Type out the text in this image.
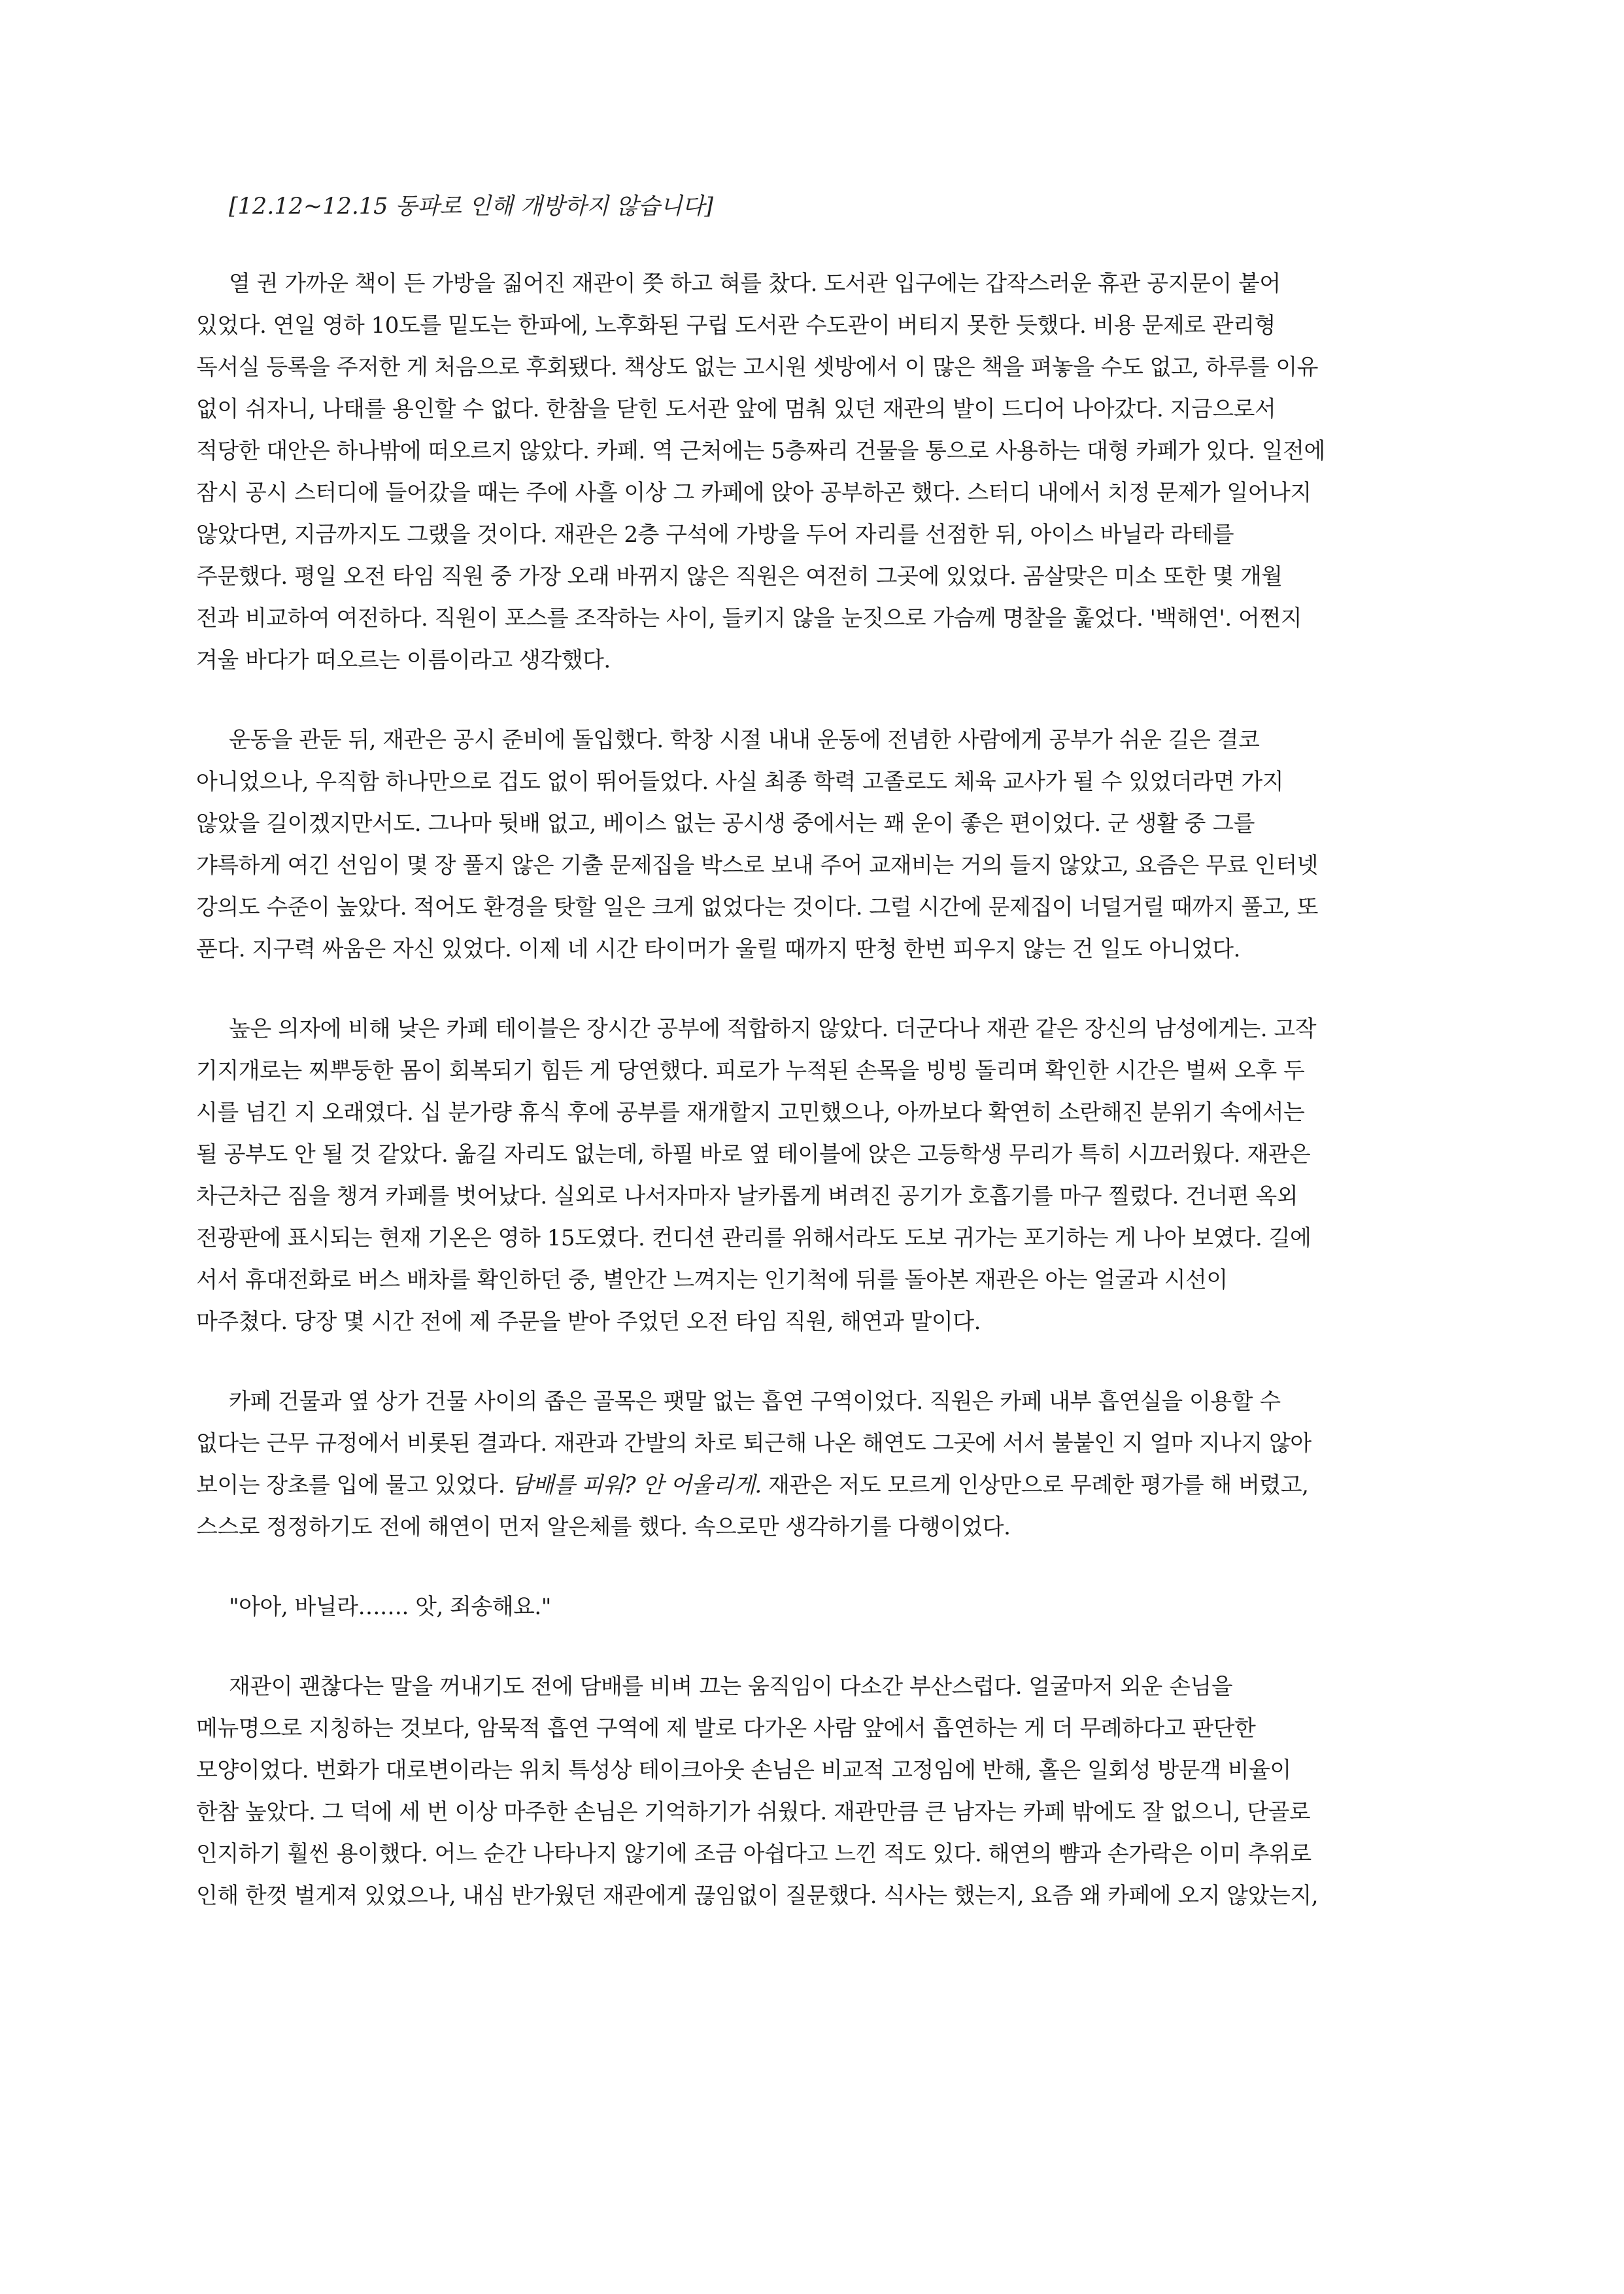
[12.12~12.15 동파로 인해 개방하지 않습니다]
열 권 가까운 책이 든 가방을 짊어진 재관이 쯧 하고 혀를 찼다. 도서관 입구에는 갑작스러운 휴관 공지문이 붙어
있었다. 연일 영하 10도를 밑도는 한파에, 노후화된 구립 도서관 수도관이 버티지 못한 듯했다. 비용 문제로 관리형
독서실 등록을 주저한 게 처음으로 후회됐다. 책상도 없는 고시원 셋방에서 이 많은 책을 펴놓을 수도 없고, 하루를 이유
없이 쉬자니, 나태를 용인할 수 없다. 한참을 닫힌 도서관 앞에 멈춰 있던 재관의 발이 드디어 나아갔다. 지금으로서
적당한 대안은 하나밖에 떠오르지 않았다. 카페. 역 근처에는 5층짜리 건물을 통으로 사용하는 대형 카페가 있다. 일전에
잠시 공시 스터디에 들어갔을 때는 주에 사흘 이상 그 카페에 앉아 공부하곤 했다. 스터디 내에서 치정 문제가 일어나지
않았다면, 지금까지도 그랬을 것이다. 재관은 2층 구석에 가방을 두어 자리를 선점한 뒤, 아이스 바닐라 라테를
주문했다. 평일 오전 타임 직원 중 가장 오래 바뀌지 않은 직원은 여전히 그곳에 있었다. 곰살맞은 미소 또한 몇 개월
전과 비교하여 여전하다. 직원이 포스를 조작하는 사이, 들키지 않을 눈짓으로 가슴께 명찰을 훑었다. '백해연'. 어쩐지
겨울 바다가 떠오르는 이름이라고 생각했다.
운동을 관둔 뒤, 재관은 공시 준비에 돌입했다. 학창 시절 내내 운동에 전념한 사람에게 공부가 쉬운 길은 결코
아니었으나, 우직함 하나만으로 겁도 없이 뛰어들었다. 사실 최종 학력 고졸로도 체육 교사가 될 수 있었더라면 가지
않았을 길이겠지만서도. 그나마 뒷배 없고, 베이스 없는 공시생 중에서는 꽤 운이 좋은 편이었다. 군 생활 중 그를
갸륵하게 여긴 선임이 몇 장 풀지 않은 기출 문제집을 박스로 보내 주어 교재비는 거의 들지 않았고, 요즘은 무료 인터넷
강의도 수준이 높았다. 적어도 환경을 탓할 일은 크게 없었다는 것이다. 그럴 시간에 문제집이 너덜거릴 때까지 풀고, 또
푼다. 지구력 싸움은 자신 있었다. 이제 네 시간 타이머가 울릴 때까지 딴청 한번 피우지 않는 건 일도 아니었다.
높은 의자에 비해 낮은 카페 테이블은 장시간 공부에 적합하지 않았다. 더군다나 재관 같은 장신의 남성에게는. 고작
기지개로는 찌뿌둥한 몸이 회복되기 힘든 게 당연했다. 피로가 누적된 손목을 빙빙 돌리며 확인한 시간은 벌써 오후 두
시를 넘긴 지 오래였다. 십 분가량 휴식 후에 공부를 재개할지 고민했으나, 아까보다 확연히 소란해진 분위기 속에서는
될 공부도 안 될 것 같았다. 옮길 자리도 없는데, 하필 바로 옆 테이블에 앉은 고등학생 무리가 특히 시끄러웠다. 재관은
차근차근 짐을 챙겨 카페를 벗어났다. 실외로 나서자마자 날카롭게 벼려진 공기가 호흡기를 마구 찔렀다. 건너편 옥외
전광판에 표시되는 현재 기온은 영하 15도였다. 컨디션 관리를 위해서라도 도보 귀가는 포기하는 게 나아 보였다. 길에
서서 휴대전화로 버스 배차를 확인하던 중, 별안간 느껴지는 인기척에 뒤를 돌아본 재관은 아는 얼굴과 시선이
마주쳤다. 당장 몇 시간 전에 제 주문을 받아 주었던 오전 타임 직원, 해연과 말이다.
카페 건물과 옆 상가 건물 사이의 좁은 골목은 팻말 없는 흡연 구역이었다. 직원은 카페 내부 흡연실을 이용할 수
없다는 근무 규정에서 비롯된 결과다. 재관과 간발의 차로 퇴근해 나온 해연도 그곳에 서서 불붙인 지 얼마 지나지 않아
보이는 장초를 입에 물고 있었다. 담배를 피워? 안 어울리게. 재관은 저도 모르게 인상만으로 무례한 평가를 해 버렸고,
스스로 정정하기도 전에 해연이 먼저 알은체를 했다. 속으로만 생각하기를 다행이었다.
"아아, 바닐라……. 앗, 죄송해요."
재관이 괜찮다는 말을 꺼내기도 전에 담배를 비벼 끄는 움직임이 다소간 부산스럽다. 얼굴마저 외운 손님을
메뉴명으로 지칭하는 것보다, 암묵적 흡연 구역에 제 발로 다가온 사람 앞에서 흡연하는 게 더 무례하다고 판단한
모양이었다. 번화가 대로변이라는 위치 특성상 테이크아웃 손님은 비교적 고정임에 반해, 홀은 일회성 방문객 비율이
한참 높았다. 그 덕에 세 번 이상 마주한 손님은 기억하기가 쉬웠다. 재관만큼 큰 남자는 카페 밖에도 잘 없으니, 단골로
인지하기 훨씬 용이했다. 어느 순간 나타나지 않기에 조금 아쉽다고 느낀 적도 있다. 해연의 뺨과 손가락은 이미 추위로
인해 한껏 벌게져 있었으나, 내심 반가웠던 재관에게 끊임없이 질문했다. 식사는 했는지, 요즘 왜 카페에 오지 않았는지,
